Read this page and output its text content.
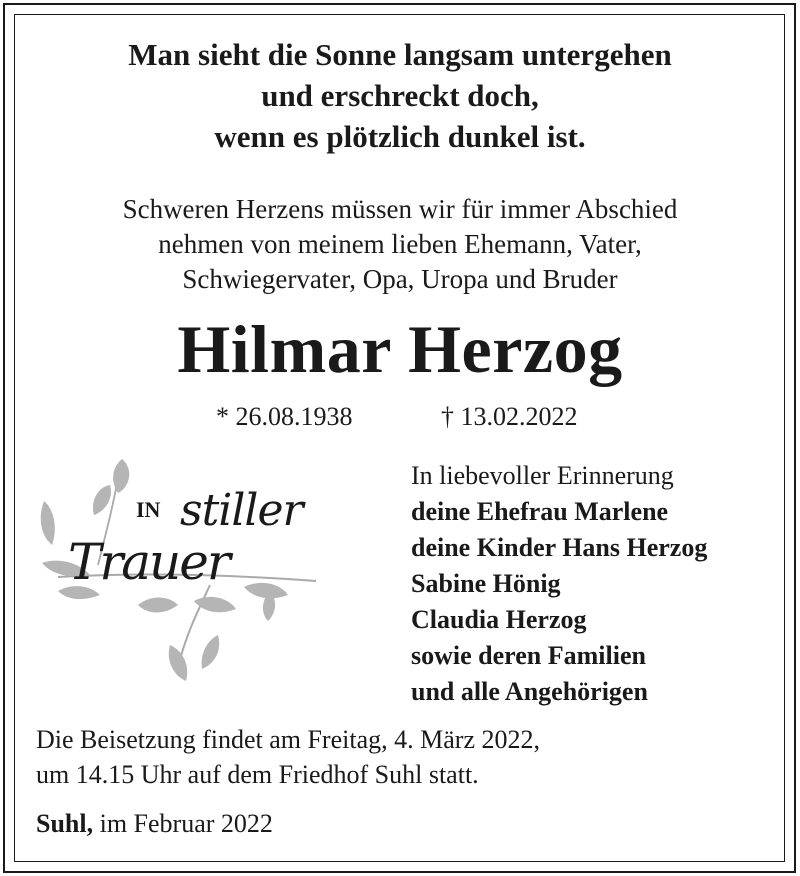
Man sieht die Sonne langsam untergehen
und erschreckt doch,
wenn es plötzlich dunkel ist.
Schweren Herzens müssen wir für immer Abschied
nehmen von meinem lieben Ehemann, Vater,
Schwiegervater, Opa, Uropa und Bruder
Hilmar Herzog
* 26.08.1938	† 13.02.2022
IN stiller
Trauer
In liebevoller Erinnerung
deine Ehefrau Marlene
deine Kinder Hans Herzog
Sabine Hönig
Claudia Herzog
sowie deren Familien
und alle Angehörigen
Die Beisetzung findet am Freitag, 4. März 2022,
um 14.15 Uhr auf dem Friedhof Suhl statt.
Suhl, im Februar 2022
